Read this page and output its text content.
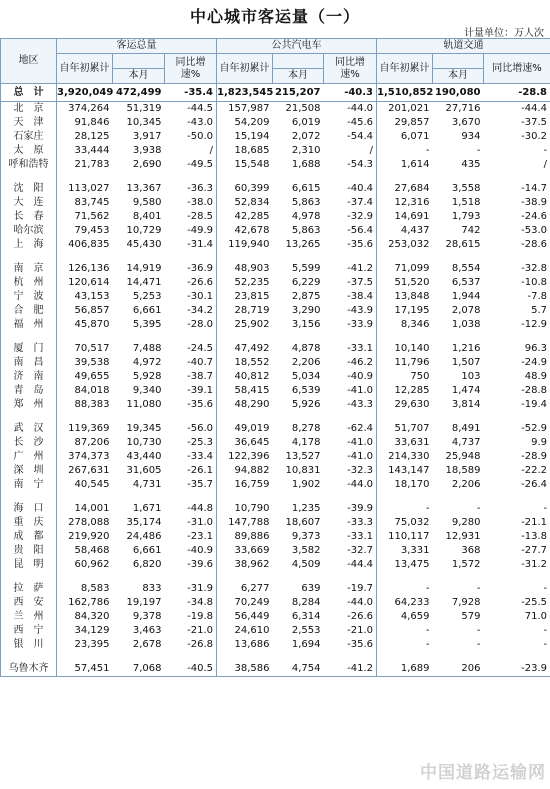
中心城市客运量（一）
计量单位：万人次
地区	客运总量			公共汽电车			轨道交通		
	自年初累计		同比增速%	自年初累计		同比增速%	自年初累计		同比增速%
		本月			本月			本月	
总　计	3,920,049	472,499	-35.4	1,823,545	215,207	-40.3	1,510,852	190,080	-28.8
北　京	374,264	51,319	-44.5	157,987	21,508	-44.0	201,021	27,716	-44.4
天　津	91,846	10,345	-43.0	54,209	6,019	-45.6	29,857	3,670	-37.5
石家庄	28,125	3,917	-50.0	15,194	2,072	-54.4	6,071	934	-30.2
太　原	33,444	3,938	/	18,685	2,310	/	-	-	-
呼和浩特	21,783	2,690	-49.5	15,548	1,688	-54.3	1,614	435	/

沈　阳	113,027	13,367	-36.3	60,399	6,615	-40.4	27,684	3,558	-14.7
大　连	83,745	9,580	-38.0	52,834	5,863	-37.4	12,316	1,518	-38.9
长　春	71,562	8,401	-28.5	42,285	4,978	-32.9	14,691	1,793	-24.6
哈尔滨	79,453	10,729	-49.9	42,678	5,863	-56.4	4,437	742	-53.0
上　海	406,835	45,430	-31.4	119,940	13,265	-35.6	253,032	28,615	-28.6

南　京	126,136	14,919	-36.9	48,903	5,599	-41.2	71,099	8,554	-32.8
杭　州	120,614	14,471	-26.6	52,235	6,229	-37.5	51,520	6,537	-10.8
宁　波	43,153	5,253	-30.1	23,815	2,875	-38.4	13,848	1,944	-7.8
合　肥	56,857	6,661	-34.2	28,719	3,290	-43.9	17,195	2,078	5.7
福　州	45,870	5,395	-28.0	25,902	3,156	-33.9	8,346	1,038	-12.9

厦　门	70,517	7,488	-24.5	47,492	4,878	-33.1	10,140	1,216	96.3
南　昌	39,538	4,972	-40.7	18,552	2,206	-46.2	11,796	1,507	-24.9
济　南	49,655	5,928	-38.7	40,812	5,034	-40.9	750	103	48.9
青　岛	84,018	9,340	-39.1	58,415	6,539	-41.0	12,285	1,474	-28.8
郑　州	88,383	11,080	-35.6	48,290	5,926	-43.3	29,630	3,814	-19.4

武　汉	119,369	19,345	-56.0	49,019	8,278	-62.4	51,707	8,491	-52.9
长　沙	87,206	10,730	-25.3	36,645	4,178	-41.0	33,631	4,737	9.9
广　州	374,373	43,440	-33.4	122,396	13,527	-41.0	214,330	25,948	-28.9
深　圳	267,631	31,605	-26.1	94,882	10,831	-32.3	143,147	18,589	-22.2
南　宁	40,545	4,731	-35.7	16,759	1,902	-44.0	18,170	2,206	-26.4

海　口	14,001	1,671	-44.8	10,790	1,235	-39.9	-	-	-
重　庆	278,088	35,174	-31.0	147,788	18,607	-33.3	75,032	9,280	-21.1
成　都	219,920	24,486	-23.1	89,886	9,373	-33.1	110,117	12,931	-13.8
贵　阳	58,468	6,661	-40.9	33,669	3,582	-32.7	3,331	368	-27.7
昆　明	60,962	6,820	-39.6	38,962	4,509	-44.4	13,475	1,572	-31.2

拉　萨	8,583	833	-31.9	6,277	639	-19.7	-	-	-
西　安	162,786	19,197	-34.8	70,249	8,284	-44.0	64,233	7,928	-25.5
兰　州	84,320	9,378	-19.8	56,449	6,314	-26.6	4,659	579	71.0
西　宁	34,129	3,463	-21.0	24,610	2,553	-21.0	-	-	-
银　川	23,395	2,678	-26.8	13,686	1,694	-35.6	-	-	-

乌鲁木齐	57,451	7,068	-40.5	38,586	4,754	-41.2	1,689	206	-23.9
中国道路运输网
